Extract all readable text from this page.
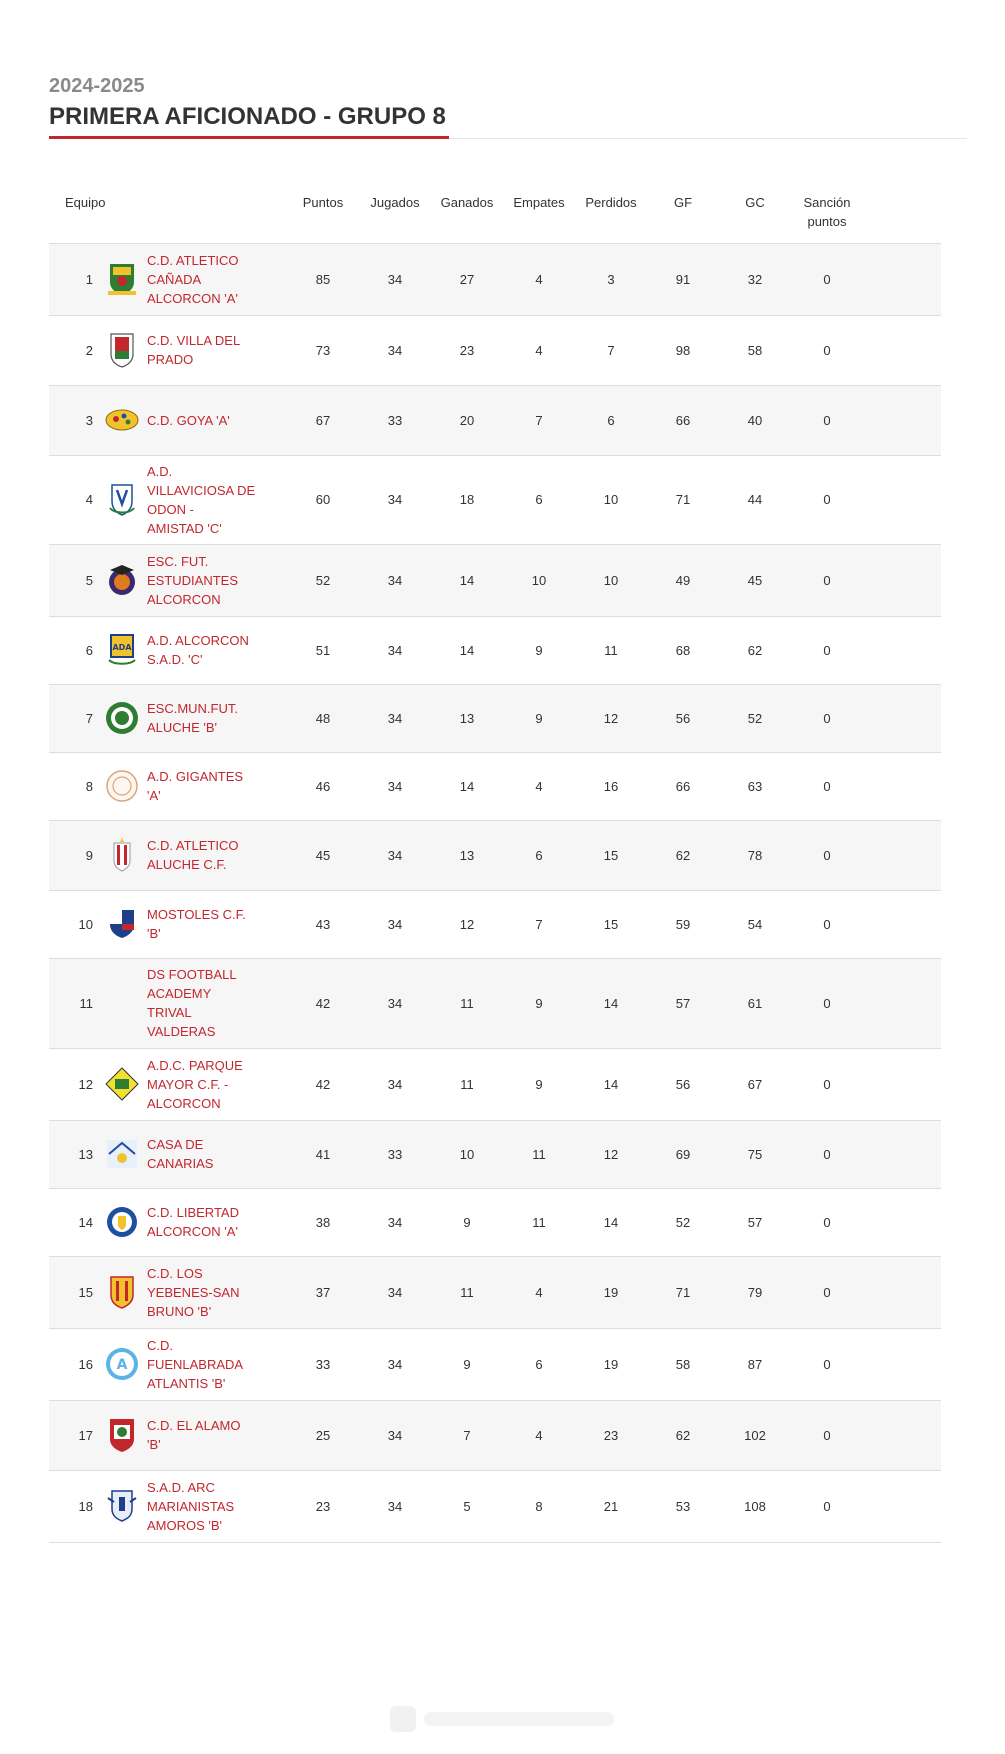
2024-2025
PRIMERA AFICIONADO - GRUPO 8
Equipo			Puntos	Jugados	Ganados	Empates	Perdidos	GF	GC	Sanción
puntos	
1		C.D. ATLETICO
CAÑADA
ALCORCON 'A'	85	34	27	4	3	91	32	0	
2		C.D. VILLA DEL
PRADO	73	34	23	4	7	98	58	0	
3		C.D. GOYA 'A'	67	33	20	7	6	66	40	0	
4		A.D.
VILLAVICIOSA DE
ODON -
AMISTAD 'C'	60	34	18	6	10	71	44	0	
5		ESC. FUT.
ESTUDIANTES
ALCORCON	52	34	14	10	10	49	45	0	
6	ADA	A.D. ALCORCON
S.A.D. 'C'	51	34	14	9	11	68	62	0	
7		ESC.MUN.FUT.
ALUCHE 'B'	48	34	13	9	12	56	52	0	
8		A.D. GIGANTES
'A'	46	34	14	4	16	66	63	0	
9		C.D. ATLETICO
ALUCHE C.F.	45	34	13	6	15	62	78	0	
10		MOSTOLES C.F.
'B'	43	34	12	7	15	59	54	0	
11		DS FOOTBALL
ACADEMY
TRIVAL
VALDERAS	42	34	11	9	14	57	61	0	
12		A.D.C. PARQUE
MAYOR C.F. -
ALCORCON	42	34	11	9	14	56	67	0	
13		CASA DE
CANARIAS	41	33	10	11	12	69	75	0	
14		C.D. LIBERTAD
ALCORCON 'A'	38	34	9	11	14	52	57	0	
15		C.D. LOS
YEBENES-SAN
BRUNO 'B'	37	34	11	4	19	71	79	0	
16	A	C.D.
FUENLABRADA
ATLANTIS 'B'	33	34	9	6	19	58	87	0	
17		C.D. EL ALAMO
'B'	25	34	7	4	23	62	102	0	
18		S.A.D. ARC
MARIANISTAS
AMOROS 'B'	23	34	5	8	21	53	108	0	
